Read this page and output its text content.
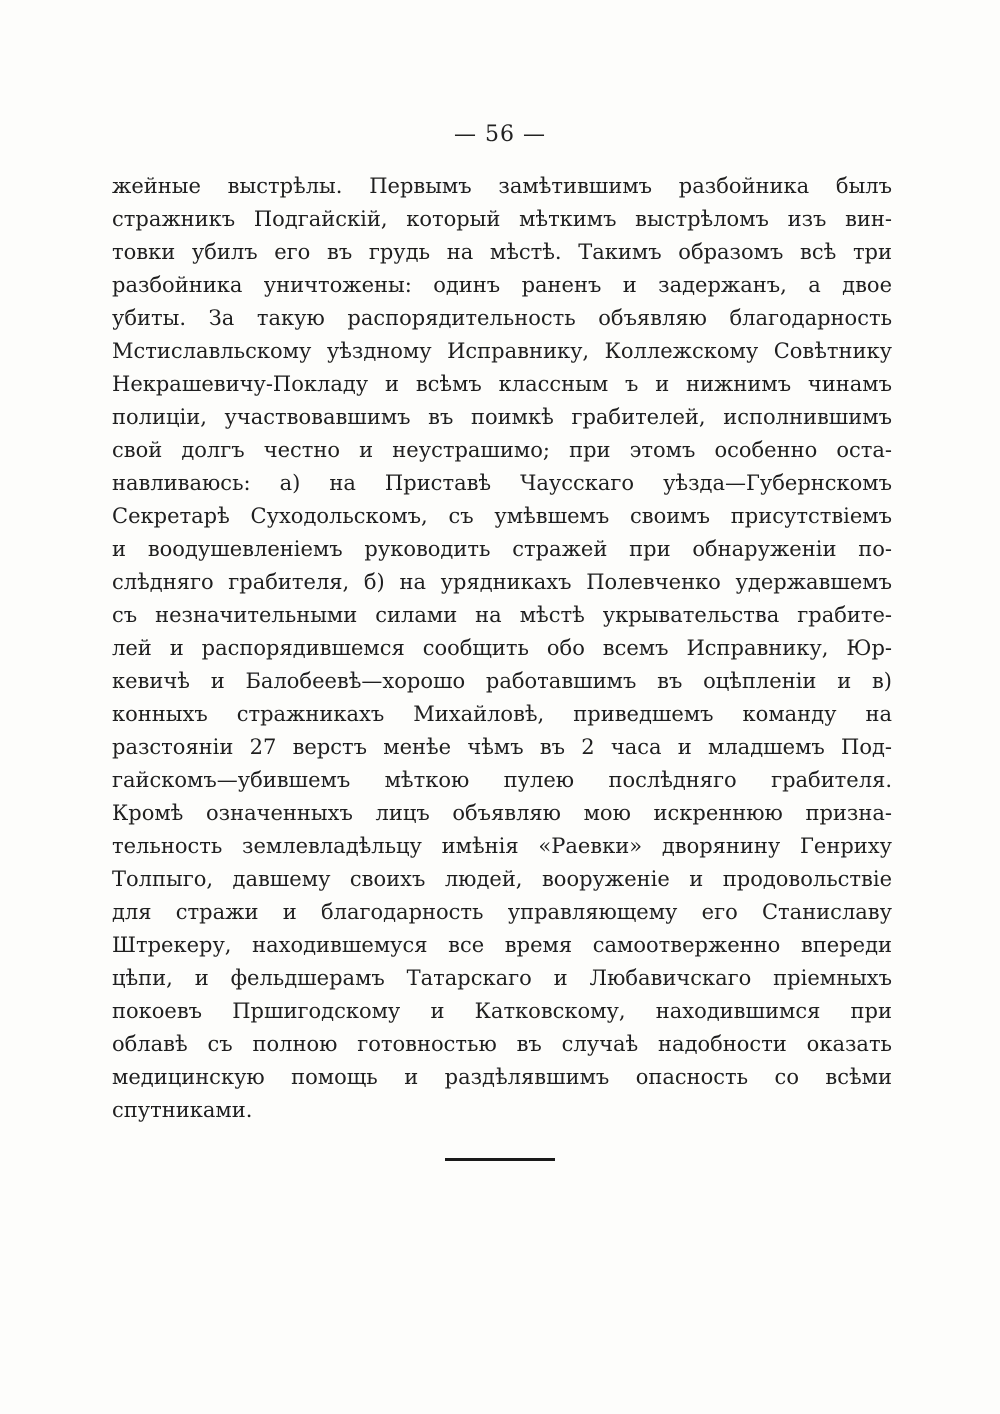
— 56 —
жейные выстрѣлы. Первымъ замѣтившимъ разбойника былъ
стражникъ Подгайскій, который мѣткимъ выстрѣломъ изъ вин-
товки убилъ его въ грудь на мѣстѣ. Такимъ образомъ всѣ три
разбойника уничтожены: одинъ раненъ и задержанъ, а двое
убиты. За такую распорядительность объявляю благодарность
Мстиславльскому уѣздному Исправнику, Коллежскому Совѣтнику
Некрашевичу-Покладу и всѣмъ классным ъ и нижнимъ чинамъ
полиціи, участвовавшимъ въ поимкѣ грабителей, исполнившимъ
свой долгъ честно и неустрашимо; при этомъ особенно оста-
навливаюсь: а) на Приставѣ Чаусскаго уѣзда—Губернскомъ
Секретарѣ Суходольскомъ, съ умѣвшемъ своимъ присутствіемъ
и воодушевленіемъ руководить стражей при обнаруженіи по-
слѣдняго грабителя, б) на урядникахъ Полевченко удержавшемъ
съ незначительными силами на мѣстѣ укрывательства грабите-
лей и распорядившемся сообщить обо всемъ Исправнику, Юр-
кевичѣ и Балобеевѣ—хорошо работавшимъ въ оцѣпленіи и в)
конныхъ стражникахъ Михайловѣ, приведшемъ команду на
разстояніи 27 верстъ менѣе чѣмъ въ 2 часа и младшемъ Под-
гайскомъ—убившемъ мѣткою пулею послѣдняго грабителя.
Кромѣ означенныхъ лицъ объявляю мою искреннюю призна-
тельность землевладѣльцу имѣнія «Раевки» дворянину Генриху
Толпыго, давшему своихъ людей, вооруженіе и продовольствіе
для стражи и благодарность управляющему его Станиславу
Штрекеру, находившемуся все время самоотверженно впереди
цѣпи, и фельдшерамъ Татарскаго и Любавичскаго пріемныхъ
покоевъ Пршигодскому и Катковскому, находившимся при
облавѣ съ полною готовностью въ случаѣ надобности оказать
медицинскую помощь и раздѣлявшимъ опасность со всѣми
спутниками.
